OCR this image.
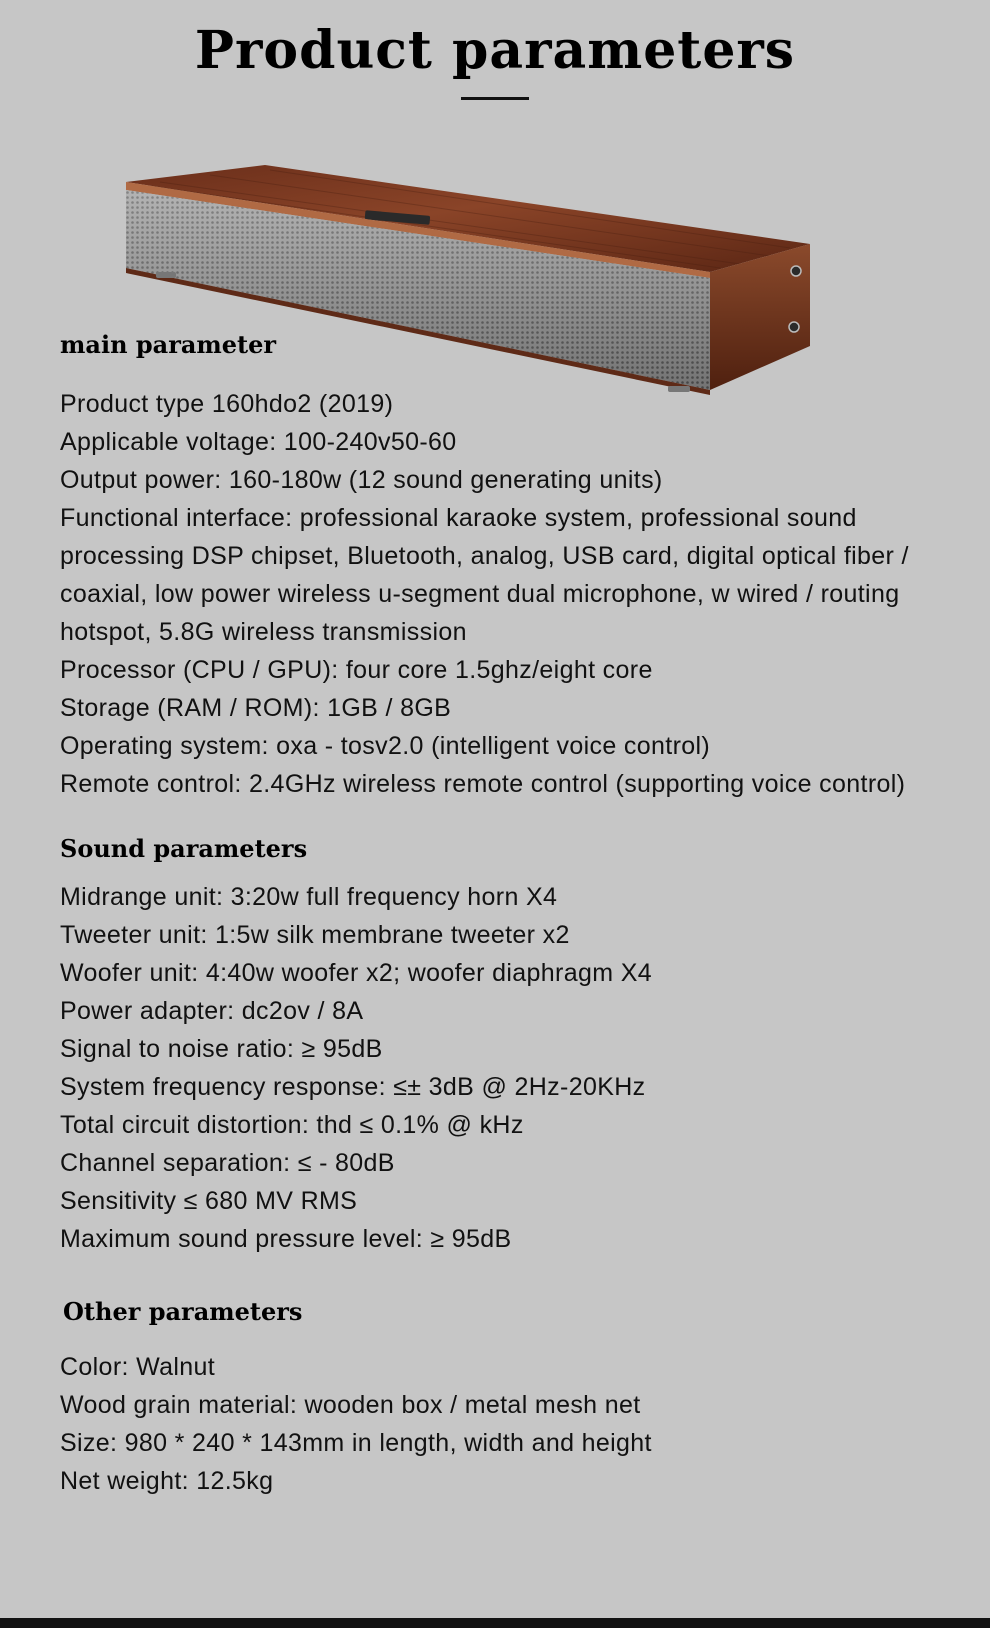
Product parameters
main parameter
Product type 160hdo2 (2019)
Applicable voltage: 100-240v50-60
Output power: 160-180w (12 sound generating units)
Functional interface: professional karaoke system, professional sound processing DSP chipset, Bluetooth, analog, USB card, digital optical fiber / coaxial, low power wireless u-segment dual microphone, w wired / routing hotspot, 5.8G wireless transmission
Processor (CPU / GPU): four core 1.5ghz/eight core
Storage (RAM / ROM): 1GB / 8GB
Operating system: oxa - tosv2.0 (intelligent voice control)
Remote control: 2.4GHz wireless remote control (supporting voice control)
Sound parameters
Midrange unit: 3:20w full frequency horn X4
Tweeter unit: 1:5w silk membrane tweeter x2
Woofer unit: 4:40w woofer x2; woofer diaphragm X4
Power adapter: dc2ov / 8A
Signal to noise ratio: ≥ 95dB
System frequency response: ≤± 3dB @ 2Hz-20KHz
Total circuit distortion: thd ≤ 0.1% @ kHz
Channel separation: ≤ - 80dB
Sensitivity ≤ 680 MV RMS
Maximum sound pressure level: ≥ 95dB
Other parameters
Color: Walnut
Wood grain material: wooden box / metal mesh net
Size: 980 * 240 * 143mm in length, width and height
Net weight: 12.5kg
